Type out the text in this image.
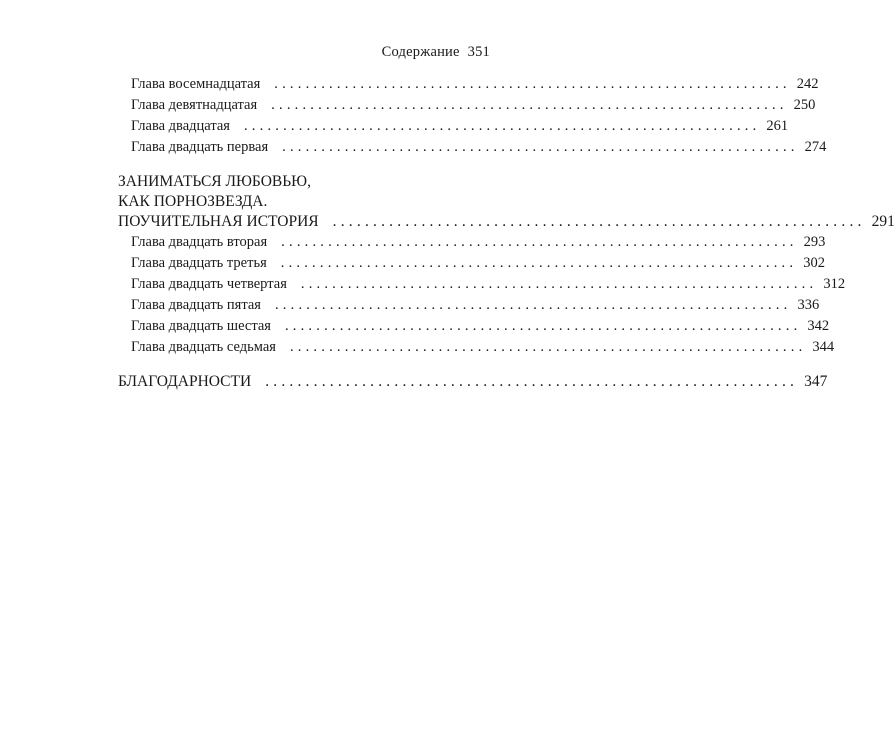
Содержание 351
Глава восемнадцатая .................................................................. 242
Глава девятнадцатая .................................................................. 250
Глава двадцатая .................................................................. 261
Глава двадцать первая .................................................................. 274
ЗАНИМАТЬСЯ ЛЮБОВЬЮ,
КАК ПОРНОЗВЕЗДА.
ПОУЧИТЕЛЬНАЯ ИСТОРИЯ .................................................................. 291
Глава двадцать вторая .................................................................. 293
Глава двадцать третья .................................................................. 302
Глава двадцать четвертая .................................................................. 312
Глава двадцать пятая .................................................................. 336
Глава двадцать шестая .................................................................. 342
Глава двадцать седьмая .................................................................. 344
БЛАГОДАРНОСТИ .................................................................. 347
